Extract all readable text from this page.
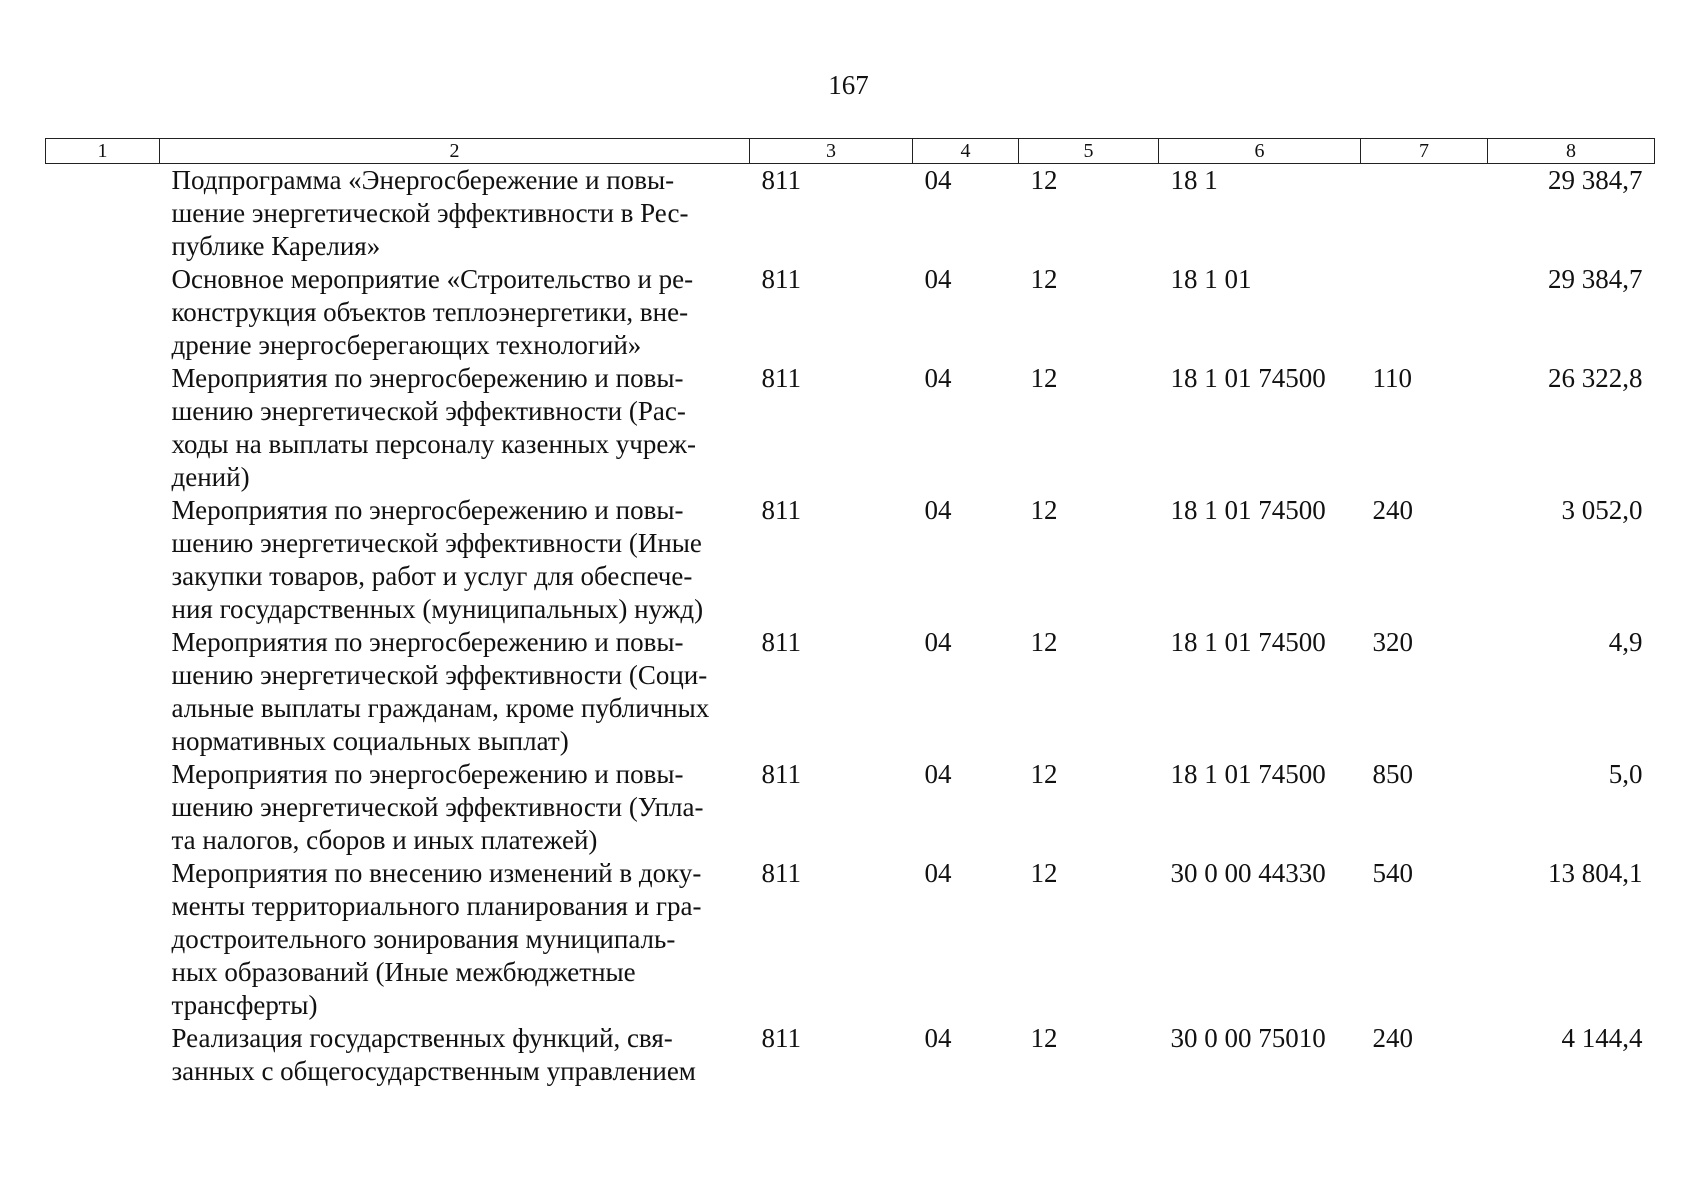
167
1	2	3	4	5	6	7	8

	Подпрограмма «Энергосбережение и повы-
шение энергетической эффективности в Рес-
публике Карелия»	811	04	12	18 1		29 384,7

	Основное мероприятие «Строительство и ре-
конструкция объектов теплоэнергетики, вне-
дрение энергосберегающих технологий»	811	04	12	18 1 01		29 384,7

	Мероприятия по энергосбережению и повы-
шению энергетической эффективности (Рас-
ходы на выплаты персоналу казенных учреж-
дений)	811	04	12	18 1 01 74500	110	26 322,8

	Мероприятия по энергосбережению и повы-
шению энергетической эффективности (Иные
закупки товаров, работ и услуг для обеспече-
ния государственных (муниципальных) нужд)	811	04	12	18 1 01 74500	240	3 052,0

	Мероприятия по энергосбережению и повы-
шению энергетической эффективности (Соци-
альные выплаты гражданам, кроме публичных
нормативных социальных выплат)	811	04	12	18 1 01 74500	320	4,9

	Мероприятия по энергосбережению и повы-
шению энергетической эффективности (Упла-
та налогов, сборов и иных платежей)	811	04	12	18 1 01 74500	850	5,0

	Мероприятия по внесению изменений в доку-
менты территориального планирования и гра-
достроительного зонирования муниципаль-
ных образований (Иные межбюджетные
трансферты)	811	04	12	30 0 00 44330	540	13 804,1

	Реализация государственных функций, свя-
занных с общегосударственным управлением	811	04	12	30 0 00 75010	240	4 144,4
